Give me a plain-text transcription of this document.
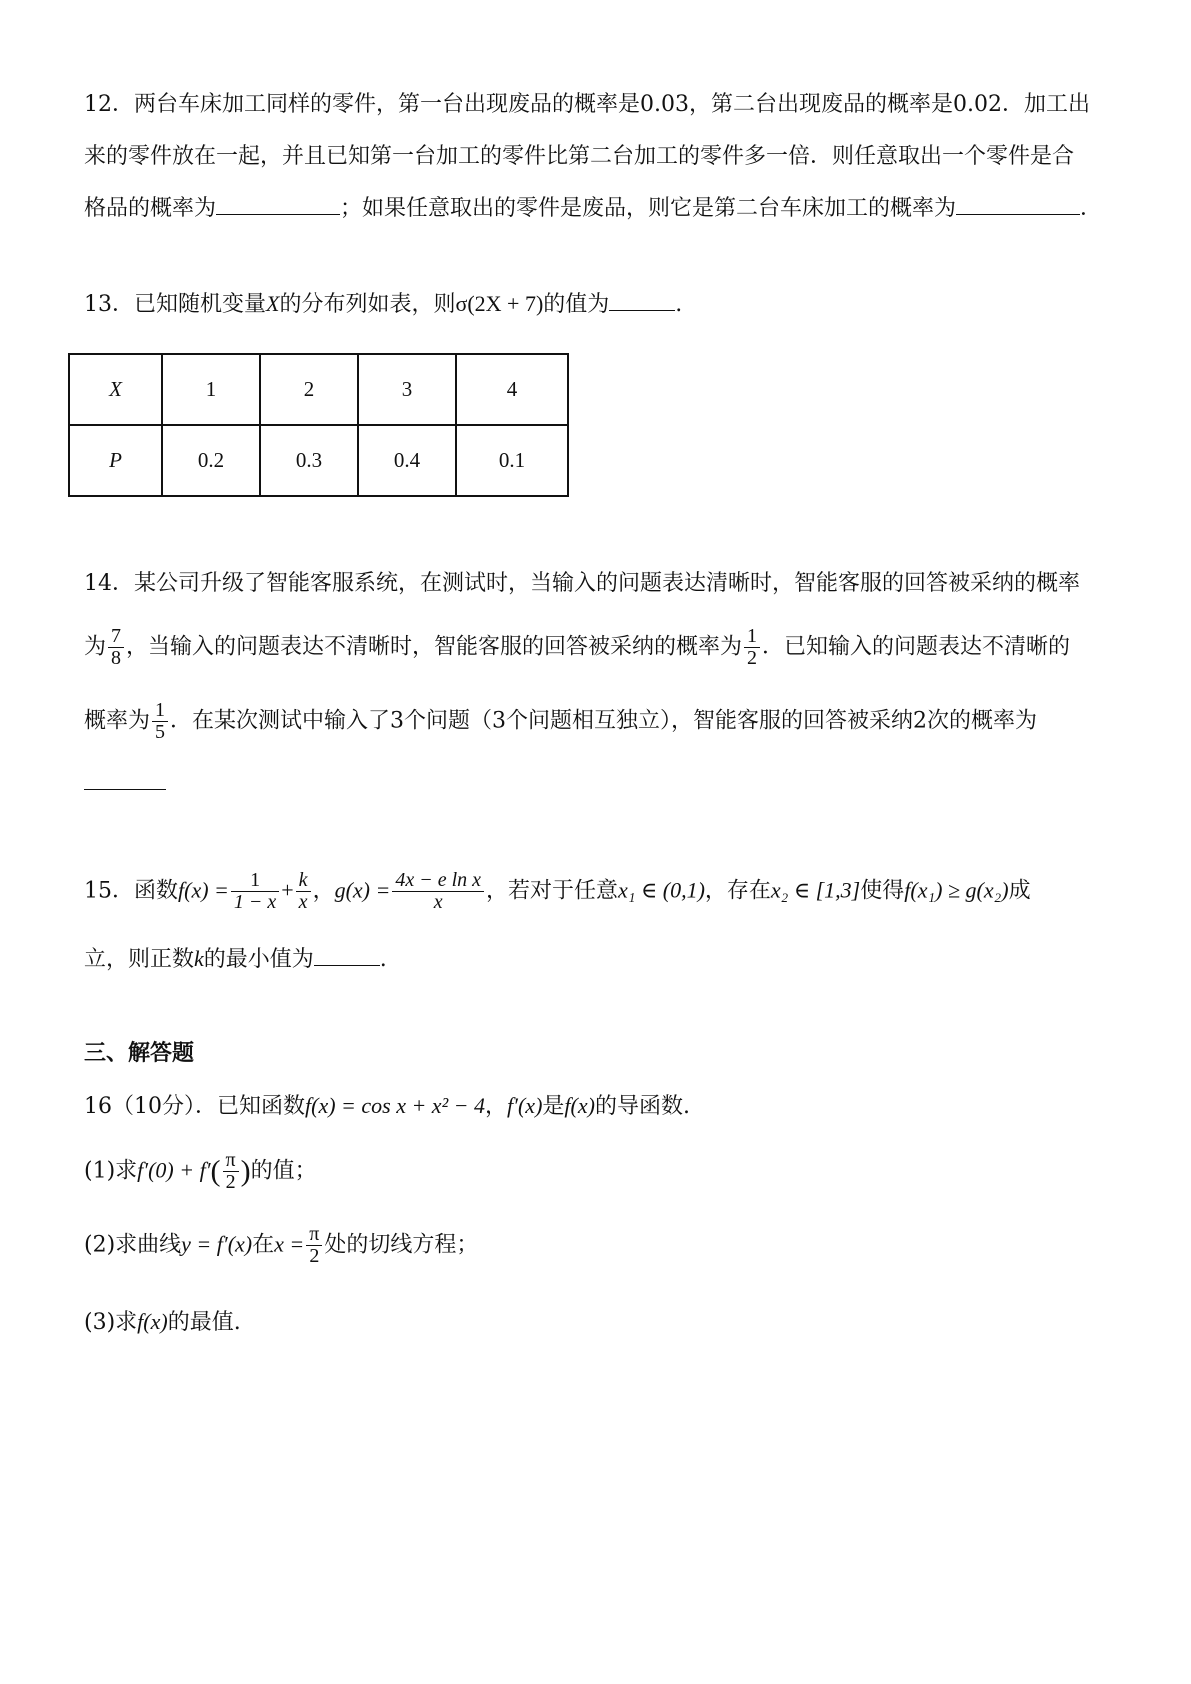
12．两台车床加工同样的零件，第一台出现废品的概率是0.03，第二台出现废品的概率是0.02．加工出
来的零件放在一起，并且已知第一台加工的零件比第二台加工的零件多一倍．则任意取出一个零件是合
格品的概率为	；如果任意取出的零件是废品，则它是第二台车床加工的概率为	．
13．已知随机变量X的分布列如表，则σ(2X + 7)的值为	.
X	1	2	3	4
P	0.2	0.3	0.4	0.1
14．某公司升级了智能客服系统，在测试时，当输入的问题表达清晰时，智能客服的回答被采纳的概率
为 $\frac{7}{8}$ ，当输入的问题表达不清晰时，智能客服的回答被采纳的概率为 $\frac{1}{2}$ ．已知输入的问题表达不清晰的
概率为 $\frac{1}{5}$ ．在某次测试中输入了3个问题（3个问题相互独立），智能客服的回答被采纳2次的概率为
15．函数$f(x) = \frac{1}{1 - x} + \frac{k}{x}$ ，$g(x) = \frac{\text{4x − e ln x}}{x}$ ，若对于任意x₁ ∈ (0,1)，存在x₂ ∈ [1,3]使得f(x₁) ≥ g(x₂)成
立，则正数k的最小值为	.
三、解答题
16（10分）．已知函数f(x) = cos x + x² − 4，f′(x)是f(x)的导函数.
(1)求$f'(0) + f'( \frac{\pi}{2}$ )的值；
(2)求曲线y = f′(x)在$x = \frac{\pi}{2}$ 处的切线方程；
(3)求f(x)的最值.
